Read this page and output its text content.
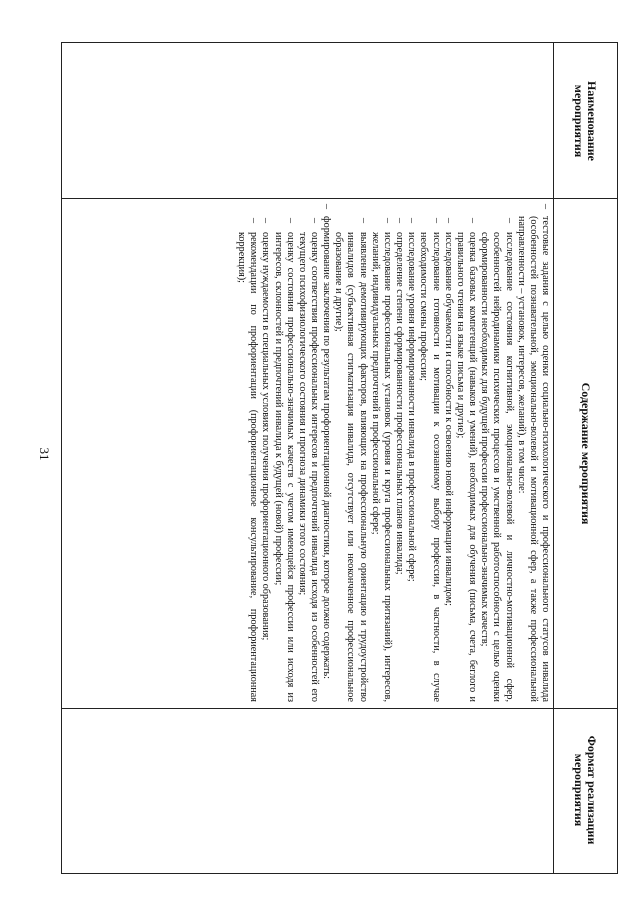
31
Наименование мероприятия
Содержание мероприятия
Формат реализации мероприятия
–

тестовые задания с целью оценки социально-психологического и профессионального статусов инвалида (особенностей познавательной, эмоционально-волевой и мотивационной сфер, а также профессиональной направленности – установок, интересов, желаний), в том числе:

–

исследование состояния когнитивной, эмоционально-волевой и личностно-мотивационной сфер, особенностей нейродинамики психических процессов и умственной работоспособности с целью оценки сформированности необходимых для будущей профессии профессионально-значимых качеств;

–

оценка базовых компетенций (навыков и умений), необходимых для обучения (письма, счета, беглого и правильного чтения на языке письма и другие);

–

исследование обучаемости и способности к освоению новой информации инвалидом;

–

исследование готовности и мотивации к осознанному выбору профессии, в частности, в случае необходимости смены профессии;

–

исследование уровня информированности инвалида в профессиональной сфере;

–

определение степени сформированности профессиональных планов инвалида;

–

исследование профессиональных установок (уровня и круга профессиональных притязаний), интересов, желаний, индивидуальных предпочтений в профессиональной сфере;

–

выявление демотивирующих факторов, влияющих на профессиональную ориентацию и трудоустройство инвалидов (субъективная стигматизация инвалида, отсутствует или неоконченное профессиональное образование и другие);

–

формирование заключения по результатам профориентационной диагностики, которое должно содержать:

–

оценку соответствия профессиональных интересов и предпочтений инвалида исходя из особенностей его текущего психофизиологического состояния и прогноза динамики этого состояния;

–

оценку состояния профессионально-значимых качеств с учетом имеющейся профессии или исходя из интересов, склонностей и предпочтений инвалида к будущей (новой) профессии;

–

оценку нуждаемости в специальных условиях получения профориентационного образования;

–

рекомендации по профориентации (профориентационное консультирование, профориентационная коррекция);
